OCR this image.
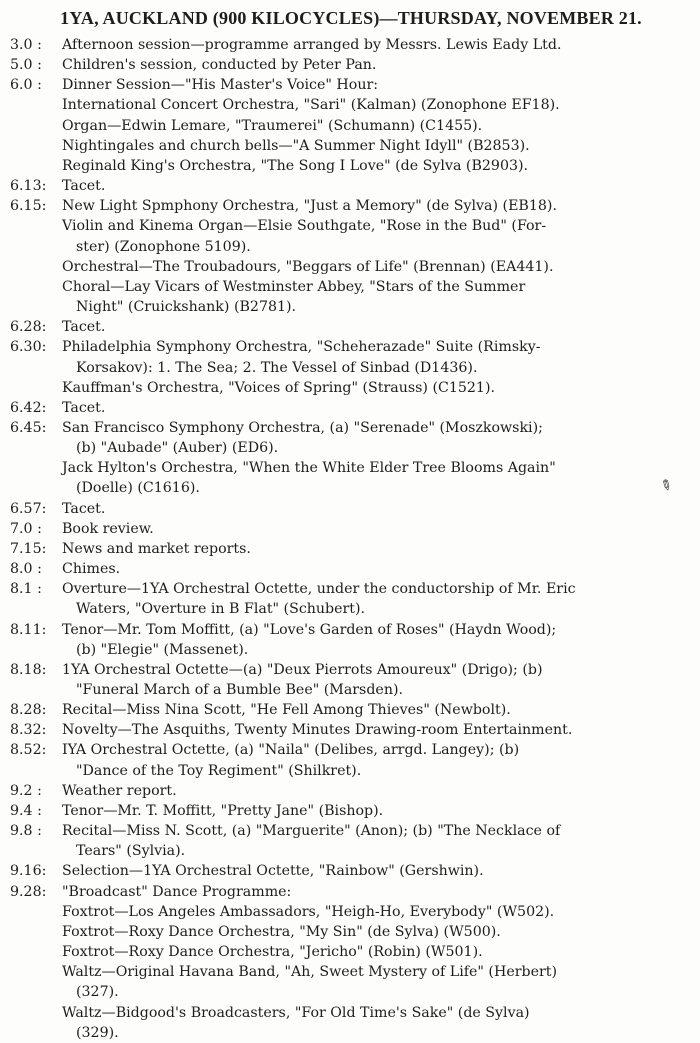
1YA, AUCKLAND (900 KILOCYCLES)—THURSDAY, NOVEMBER 21.
3.0 :	Afternoon session—programme arranged by Messrs. Lewis Eady Ltd.
5.0 :	Children's session, conducted by Peter Pan.
6.0 :	Dinner Session—"His Master's Voice" Hour:
International Concert Orchestra, "Sari" (Kalman) (Zonophone EF18).
Organ—Edwin Lemare, "Traumerei" (Schumann) (C1455).
Nightingales and church bells—"A Summer Night Idyll" (B2853).
Reginald King's Orchestra, "The Song I Love" (de Sylva (B2903).
6.13:	Tacet.
6.15:	New Light Spmphony Orchestra, "Just a Memory" (de Sylva) (EB18).
Violin and Kinema Organ—Elsie Southgate, "Rose in the Bud" (For-
ster) (Zonophone 5109).
Orchestral—The Troubadours, "Beggars of Life" (Brennan) (EA441).
Choral—Lay Vicars of Westminster Abbey, "Stars of the Summer
Night" (Cruickshank) (B2781).
6.28:	Tacet.
6.30:	Philadelphia Symphony Orchestra, "Scheherazade" Suite (Rimsky-
Korsakov): 1. The Sea; 2. The Vessel of Sinbad (D1436).
Kauffman's Orchestra, "Voices of Spring" (Strauss) (C1521).
6.42:	Tacet.
6.45:	San Francisco Symphony Orchestra, (a) "Serenade" (Moszkowski);
(b) "Aubade" (Auber) (ED6).
Jack Hylton's Orchestra, "When the White Elder Tree Blooms Again"
(Doelle) (C1616).
6.57:	Tacet.
7.0 :	Book review.
7.15:	News and market reports.
8.0 :	Chimes.
8.1 :	Overture—1YA Orchestral Octette, under the conductorship of Mr. Eric
Waters, "Overture in B Flat" (Schubert).
8.11:	Tenor—Mr. Tom Moffitt, (a) "Love's Garden of Roses" (Haydn Wood);
(b) "Elegie" (Massenet).
8.18:	1YA Orchestral Octette—(a) "Deux Pierrots Amoureux" (Drigo); (b)
"Funeral March of a Bumble Bee" (Marsden).
8.28:	Recital—Miss Nina Scott, "He Fell Among Thieves" (Newbolt).
8.32:	Novelty—The Asquiths, Twenty Minutes Drawing-room Entertainment.
8.52:	IYA Orchestral Octette, (a) "Naila" (Delibes, arrgd. Langey); (b)
"Dance of the Toy Regiment" (Shilkret).
9.2 :	Weather report.
9.4 :	Tenor—Mr. T. Moffitt, "Pretty Jane" (Bishop).
9.8 :	Recital—Miss N. Scott, (a) "Marguerite" (Anon); (b) "The Necklace of
Tears" (Sylvia).
9.16:	Selection—1YA Orchestral Octette, "Rainbow" (Gershwin).
9.28:	"Broadcast" Dance Programme:
Foxtrot—Los Angeles Ambassadors, "Heigh-Ho, Everybody" (W502).
Foxtrot—Roxy Dance Orchestra, "My Sin" (de Sylva) (W500).
Foxtrot—Roxy Dance Orchestra, "Jericho" (Robin) (W501).
Waltz—Original Havana Band, "Ah, Sweet Mystery of Life" (Herbert)
(327).
Waltz—Bidgood's Broadcasters, "For Old Time's Sake" (de Sylva)
(329).
✎
